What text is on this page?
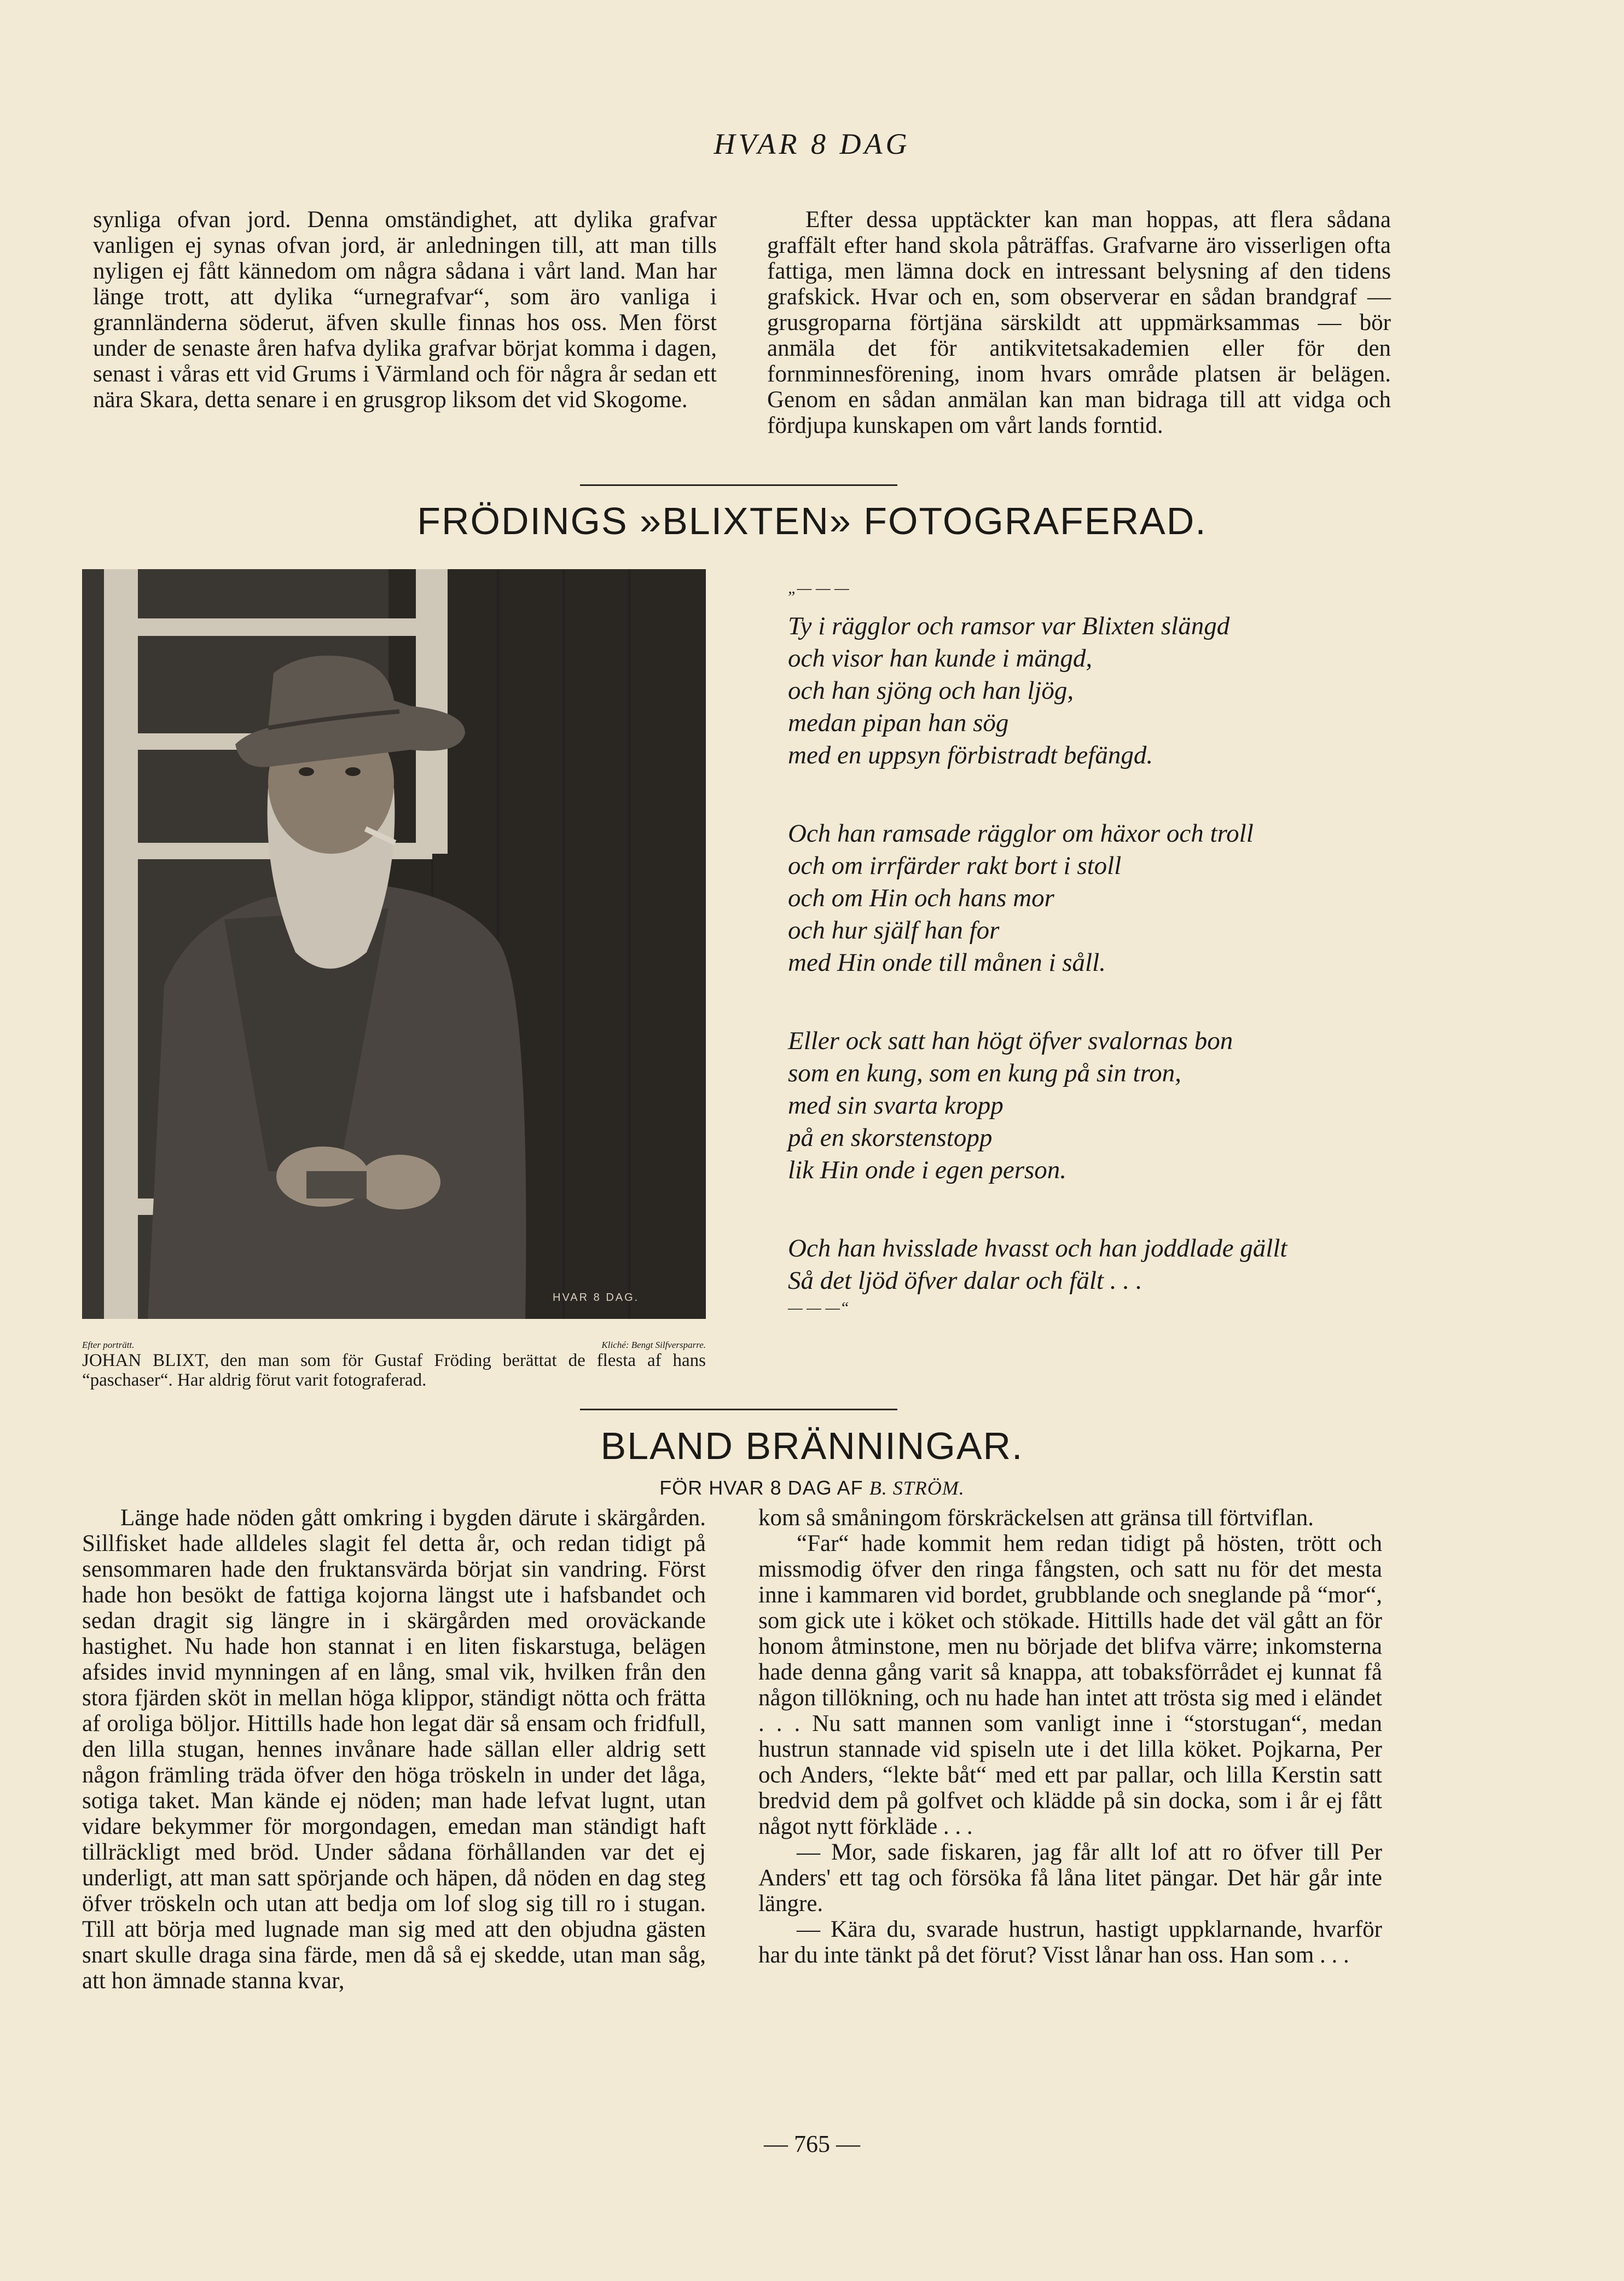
HVAR 8 DAG

synliga ofvan jord. Denna omständighet, att dylika grafvar vanligen ej synas ofvan jord, är anledningen till, att man tills nyligen ej fått kännedom om några sådana i vårt land. Man har länge trott, att dylika “urnegrafvar“, som äro vanliga i grannländerna söderut, äfven skulle finnas hos oss. Men först under de senaste åren hafva dylika grafvar börjat komma i dagen, senast i våras ett vid Grums i Värmland och för några år sedan ett nära Skara, detta senare i en grusgrop liksom det vid Skogome.

Efter dessa upptäckter kan man hoppas, att flera sådana graffält efter hand skola påträffas. Grafvarne äro visserligen ofta fattiga, men lämna dock en intressant belysning af den tidens grafskick. Hvar och en, som observerar en sådan brandgraf — grusgroparna förtjäna särskildt att uppmärksammas — bör anmäla det för antikvitetsakademien eller för den fornminnesförening, inom hvars område platsen är belägen. Genom en sådan anmälan kan man bidraga till att vidga och fördjupa kunskapen om vårt lands forntid.

FRÖDINGS »BLIXTEN» FOTOGRAFERAD.
HVAR 8 DAG.
Efter porträtt.	Kliché: Bengt Silfversparre.
JOHAN BLIXT, den man som för Gustaf Fröding berättat de flesta af hans “paschaser“. Har aldrig förut varit fotograferad.
„— — —

Ty i rägglor och ramsor var Blixten slängd
och visor han kunde i mängd,
och han sjöng och han ljög,
medan pipan han sög
med en uppsyn förbistradt befängd.

Och han ramsade rägglor om häxor och troll
och om irrfärder rakt bort i stoll
och om Hin och hans mor
och hur själf han for
med Hin onde till månen i såll.

Eller ock satt han högt öfver svalornas bon
som en kung, som en kung på sin tron,
med sin svarta kropp
på en skorstenstopp
lik Hin onde i egen person.

Och han hvisslade hvasst och han joddlade gällt
Så det ljöd öfver dalar och fält . . .

— — —“
BLAND BRÄNNINGAR.
FÖR HVAR 8 DAG AF B. STRÖM.

Länge hade nöden gått omkring i bygden därute i skärgården. Sillfisket hade alldeles slagit fel detta år, och redan tidigt på sensommaren hade den fruktansvärda börjat sin vandring. Först hade hon besökt de fattiga kojorna längst ute i hafsbandet och sedan dragit sig längre in i skärgården med oroväckande hastighet. Nu hade hon stannat i en liten fiskarstuga, belägen afsides invid mynningen af en lång, smal vik, hvilken från den stora fjärden sköt in mellan höga klippor, ständigt nötta och frätta af oroliga böljor. Hittills hade hon legat där så ensam och fridfull, den lilla stugan, hennes invånare hade sällan eller aldrig sett någon främling träda öfver den höga tröskeln in under det låga, sotiga taket. Man kände ej nöden; man hade lefvat lugnt, utan vidare bekymmer för morgondagen, emedan man ständigt haft tillräckligt med bröd. Under sådana förhållanden var det ej underligt, att man satt spörjande och häpen, då nöden en dag steg öfver tröskeln och utan att bedja om lof slog sig till ro i stugan. Till att börja med lugnade man sig med att den objudna gästen snart skulle draga sina färde, men då så ej skedde, utan man såg, att hon ämnade stanna kvar,

kom så småningom förskräckelsen att gränsa till förtviflan.

“Far“ hade kommit hem redan tidigt på hösten, trött och missmodig öfver den ringa fångsten, och satt nu för det mesta inne i kammaren vid bordet, grubblande och sneglande på “mor“, som gick ute i köket och stökade. Hittills hade det väl gått an för honom åtminstone, men nu började det blifva värre; inkomsterna hade denna gång varit så knappa, att tobaksförrådet ej kunnat få någon tillökning, och nu hade han intet att trösta sig med i eländet . . . Nu satt mannen som vanligt inne i “storstugan“, medan hustrun stannade vid spiseln ute i det lilla köket. Pojkarna, Per och Anders, “lekte båt“ med ett par pallar, och lilla Kerstin satt bredvid dem på golfvet och klädde på sin docka, som i år ej fått något nytt förkläde . . .

— Mor, sade fiskaren, jag får allt lof att ro öfver till Per Anders' ett tag och försöka få låna litet pängar. Det här går inte längre.

— Kära du, svarade hustrun, hastigt uppklarnande, hvarför har du inte tänkt på det förut? Visst lånar han oss. Han som . . .

— 765 —
